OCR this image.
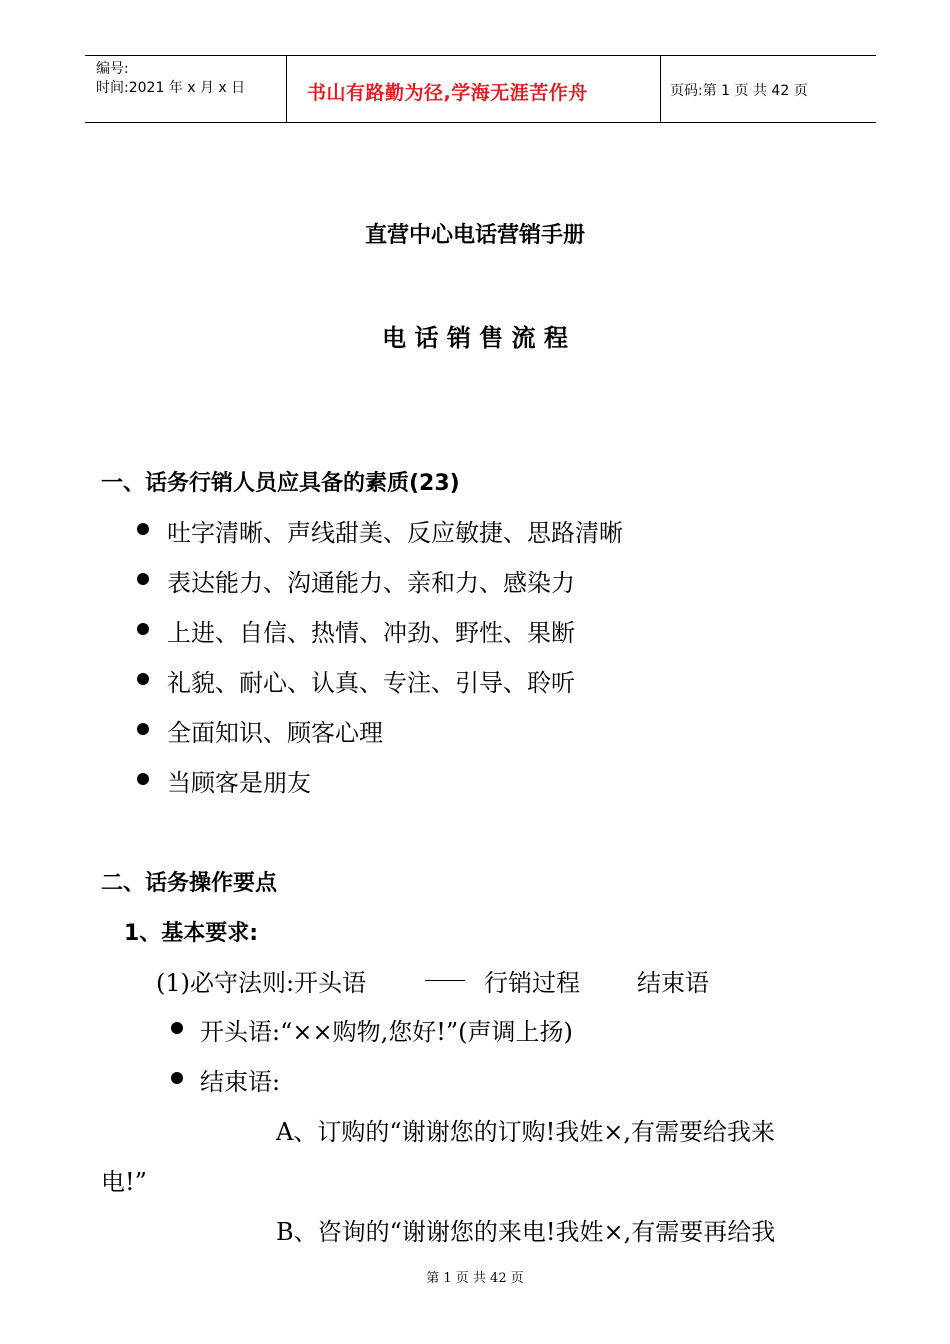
编号:
时间:2021 年 x 月 x 日	书山有路勤为径,学海无涯苦作舟	页码:第 1 页 共 42 页
直营中心电话营销手册
电 话 销 售 流 程
一、话务行销人员应具备的素质(23)
吐字清晰、声线甜美、反应敏捷、思路清晰
表达能力、沟通能力、亲和力、感染力
上进、自信、热情、冲劲、野性、果断
礼貌、耐心、认真、专注、引导、聆听
全面知识、顾客心理
当顾客是朋友
二、话务操作要点
1、基本要求:
(1)必守法则:开头语	行销过程 结束语
开头语:“××购物,您好!”(声调上扬)
结束语:
A、订购的“谢谢您的订购!我姓×,有需要给我来
电!”
B、咨询的“谢谢您的来电!我姓×,有需要再给我
第 1 页 共 42 页
